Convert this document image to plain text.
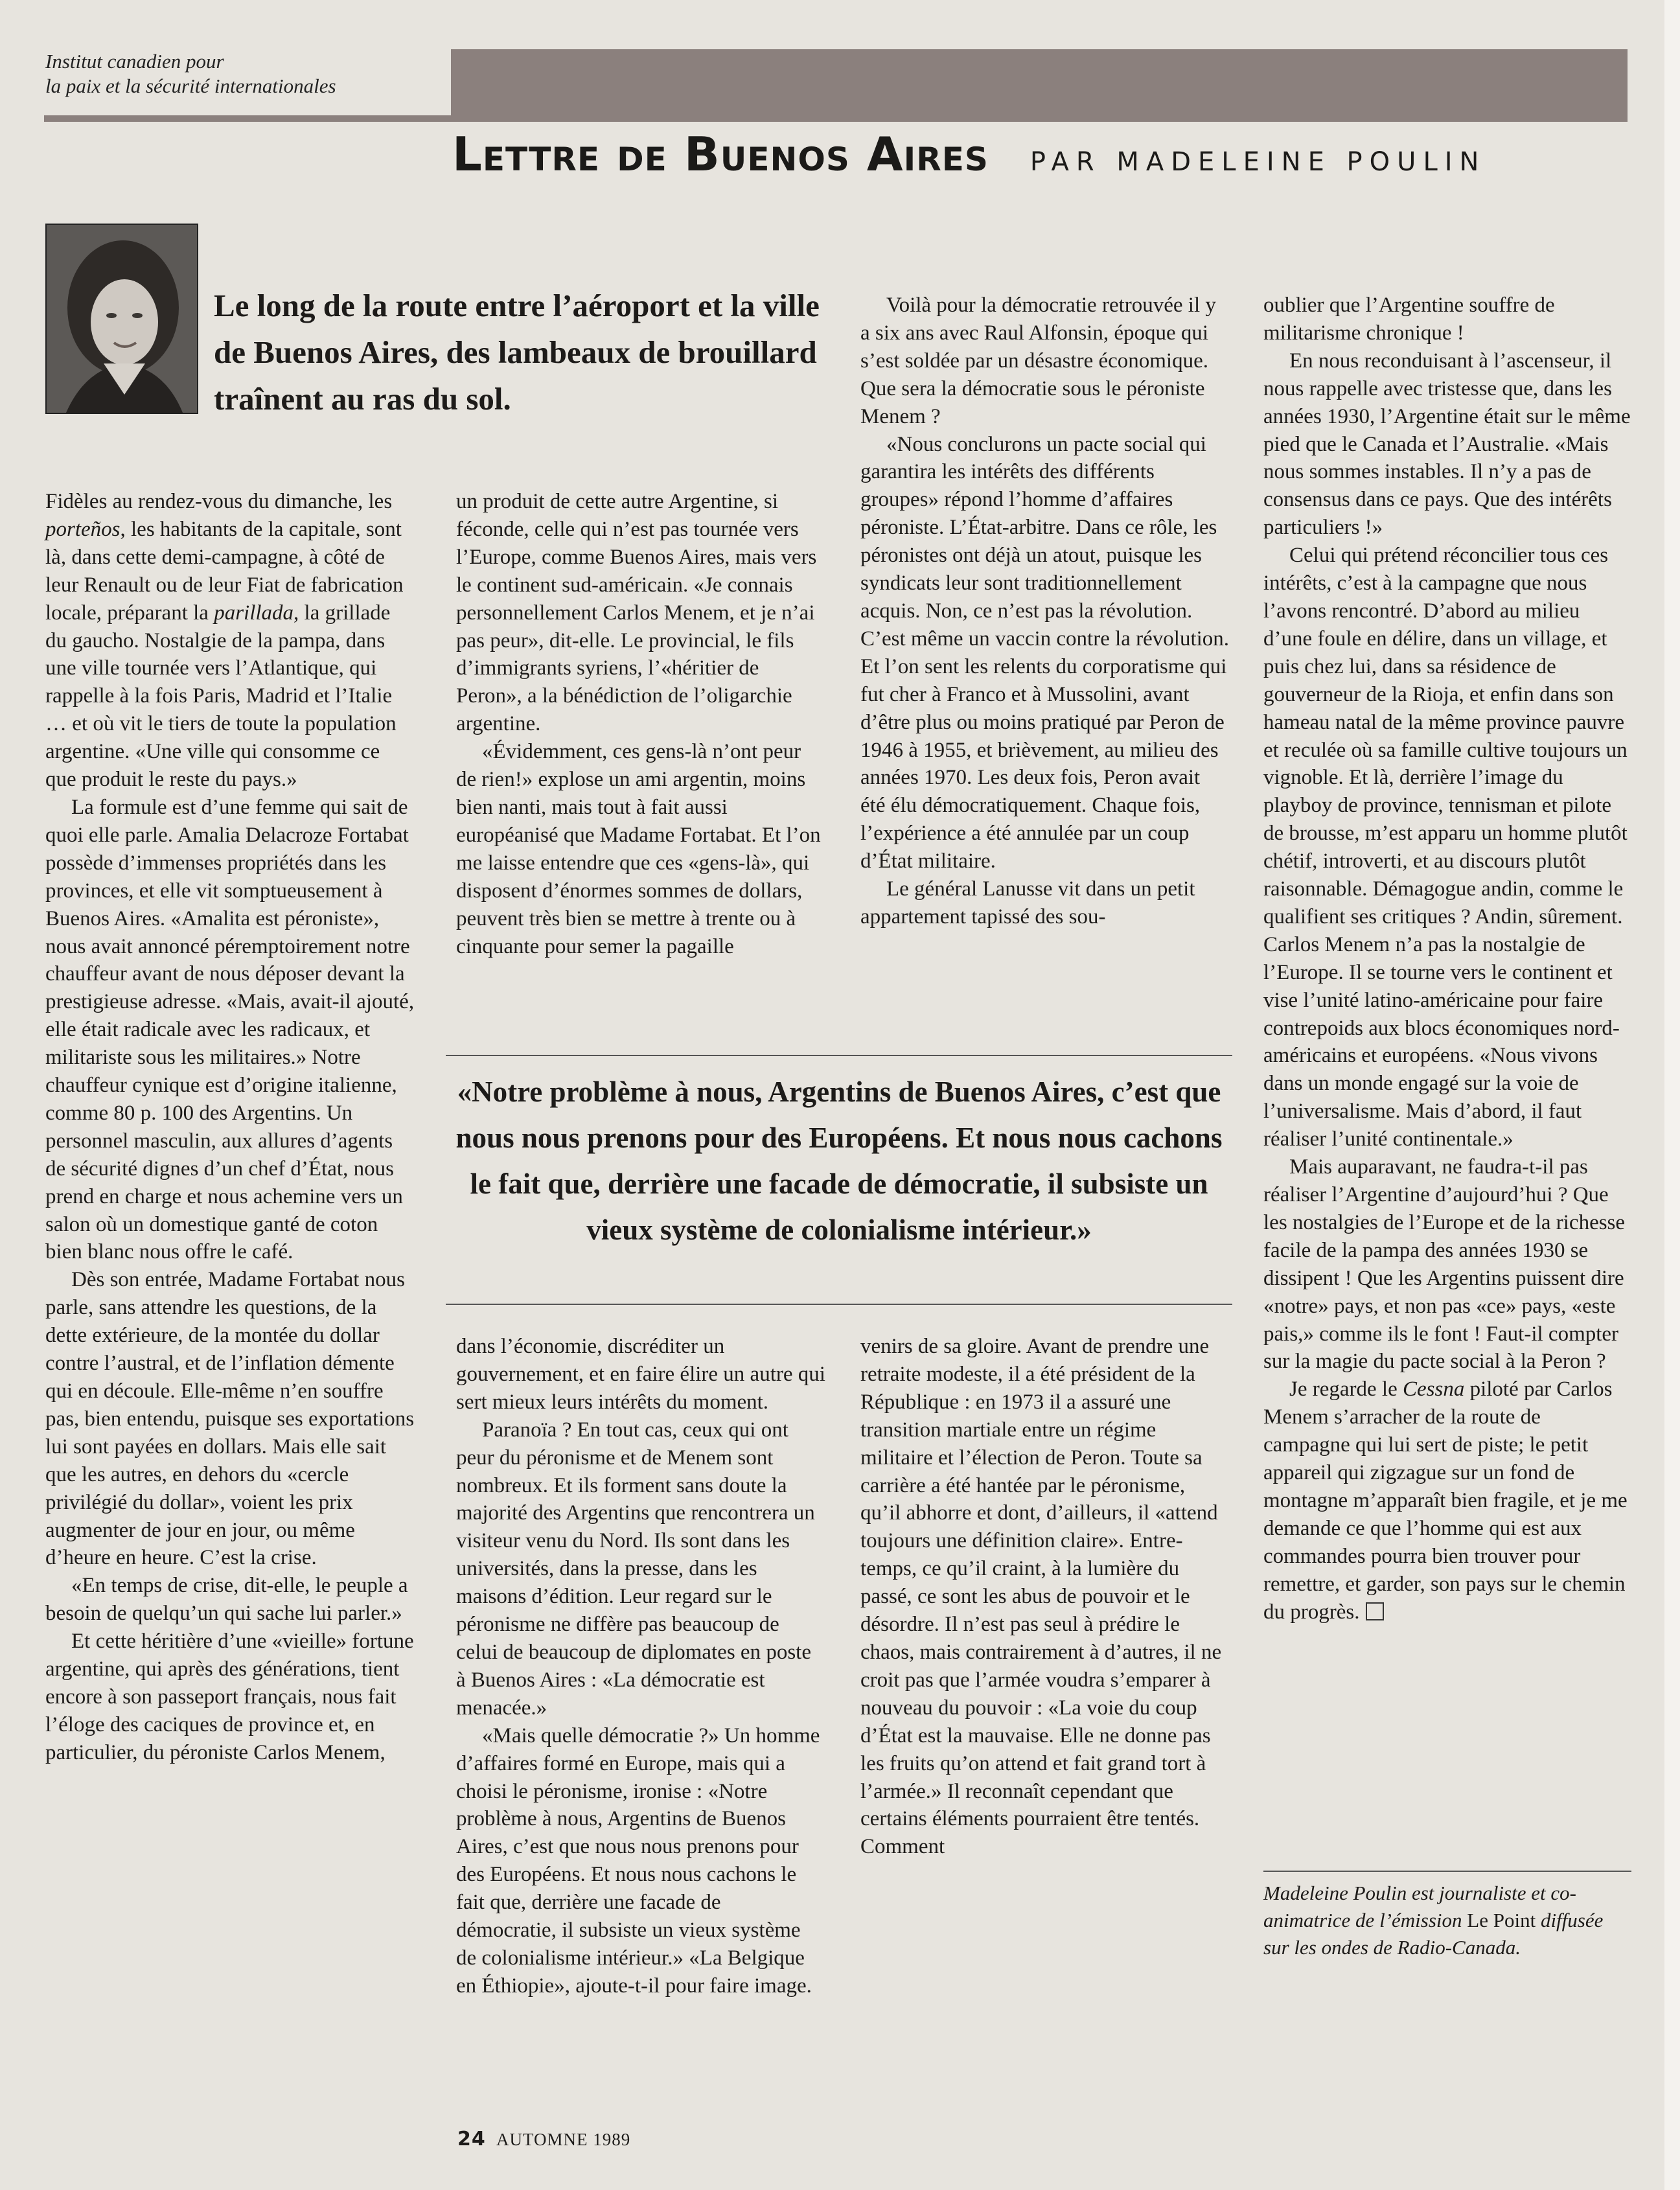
Institut canadien pour
la paix et la sécurité internationales
Lettre de Buenos Aires PAR MADELEINE POULIN
Le long de la route entre l’aéroport et la ville de Buenos Aires, des lambeaux de brouillard traînent au ras du sol.

Fidèles au rendez-vous du dimanche, les porteños, les habitants de la capitale, sont là, dans cette demi-campagne, à côté de leur Renault ou de leur Fiat de fabrication locale, préparant la parillada, la grillade du gaucho. Nostalgie de la pampa, dans une ville tournée vers l’Atlantique, qui rappelle à la fois Paris, Madrid et l’Italie … et où vit le tiers de toute la population argentine. «Une ville qui consomme ce que produit le reste du pays.»

La formule est d’une femme qui sait de quoi elle parle. Amalia Delacroze Fortabat possède d’immenses propriétés dans les provinces, et elle vit somptueusement à Buenos Aires. «Amalita est péroniste», nous avait annoncé péremptoirement notre chauffeur avant de nous déposer devant la prestigieuse adresse. «Mais, avait-il ajouté, elle était radicale avec les radicaux, et militariste sous les militaires.» Notre chauffeur cynique est d’origine italienne, comme 80 p. 100 des Argentins. Un personnel masculin, aux allures d’agents de sécurité dignes d’un chef d’État, nous prend en charge et nous achemine vers un salon où un domestique ganté de coton bien blanc nous offre le café.

Dès son entrée, Madame Fortabat nous parle, sans attendre les questions, de la dette extérieure, de la montée du dollar contre l’austral, et de l’inflation démente qui en découle. Elle-même n’en souffre pas, bien entendu, puisque ses exportations lui sont payées en dollars. Mais elle sait que les autres, en dehors du «cercle privilégié du dollar», voient les prix augmenter de jour en jour, ou même d’heure en heure. C’est la crise.

«En temps de crise, dit-elle, le peuple a besoin de quelqu’un qui sache lui parler.»

Et cette héritière d’une «vieille» fortune argentine, qui après des générations, tient encore à son passeport français, nous fait l’éloge des caciques de province et, en particulier, du péroniste Carlos Menem,

un produit de cette autre Argentine, si féconde, celle qui n’est pas tournée vers l’Europe, comme Buenos Aires, mais vers le continent sud-américain. «Je connais personnellement Carlos Menem, et je n’ai pas peur», dit-elle. Le provincial, le fils d’immigrants syriens, l’«héritier de Peron», a la bénédiction de l’oligarchie argentine.

«Évidemment, ces gens-là n’ont peur de rien!» explose un ami argentin, moins bien nanti, mais tout à fait aussi européanisé que Madame Fortabat. Et l’on me laisse entendre que ces «gens-là», qui disposent d’énormes sommes de dollars, peuvent très bien se mettre à trente ou à cinquante pour semer la pagaille

Voilà pour la démocratie retrouvée il y a six ans avec Raul Alfonsin, époque qui s’est soldée par un désastre économique. Que sera la démocratie sous le péroniste Menem ?

«Nous conclurons un pacte social qui garantira les intérêts des différents groupes» répond l’homme d’affaires péroniste. L’État-arbitre. Dans ce rôle, les péronistes ont déjà un atout, puisque les syndicats leur sont traditionnellement acquis. Non, ce n’est pas la révolution. C’est même un vaccin contre la révolution. Et l’on sent les relents du corporatisme qui fut cher à Franco et à Mussolini, avant d’être plus ou moins pratiqué par Peron de 1946 à 1955, et brièvement, au milieu des années 1970. Les deux fois, Peron avait été élu démocratiquement. Chaque fois, l’expérience a été annulée par un coup d’État militaire.

Le général Lanusse vit dans un petit appartement tapissé des sou-

«Notre problème à nous, Argentins de Buenos Aires, c’est que nous nous prenons pour des Européens. Et nous nous cachons le fait que, derrière une facade de démocratie, il subsiste un vieux système de colonialisme intérieur.»

dans l’économie, discréditer un gouvernement, et en faire élire un autre qui sert mieux leurs intérêts du moment.

Paranoïa ? En tout cas, ceux qui ont peur du péronisme et de Menem sont nombreux. Et ils forment sans doute la majorité des Argentins que rencontrera un visiteur venu du Nord. Ils sont dans les universités, dans la presse, dans les maisons d’édition. Leur regard sur le péronisme ne diffère pas beaucoup de celui de beaucoup de diplomates en poste à Buenos Aires : «La démocratie est menacée.»

«Mais quelle démocratie ?» Un homme d’affaires formé en Europe, mais qui a choisi le péronisme, ironise : «Notre problème à nous, Argentins de Buenos Aires, c’est que nous nous prenons pour des Européens. Et nous nous cachons le fait que, derrière une facade de démocratie, il subsiste un vieux système de colonialisme intérieur.» «La Belgique en Éthiopie», ajoute-t-il pour faire image.

venirs de sa gloire. Avant de prendre une retraite modeste, il a été président de la République : en 1973 il a assuré une transition martiale entre un régime militaire et l’élection de Peron. Toute sa carrière a été hantée par le péronisme, qu’il abhorre et dont, d’ailleurs, il «attend toujours une définition claire». Entre-temps, ce qu’il craint, à la lumière du passé, ce sont les abus de pouvoir et le désordre. Il n’est pas seul à prédire le chaos, mais contrairement à d’autres, il ne croit pas que l’armée voudra s’emparer à nouveau du pouvoir : «La voie du coup d’État est la mauvaise. Elle ne donne pas les fruits qu’on attend et fait grand tort à l’armée.» Il reconnaît cependant que certains éléments pourraient être tentés. Comment

oublier que l’Argentine souffre de militarisme chronique !

En nous reconduisant à l’ascenseur, il nous rappelle avec tristesse que, dans les années 1930, l’Argentine était sur le même pied que le Canada et l’Australie. «Mais nous sommes instables. Il n’y a pas de consensus dans ce pays. Que des intérêts particuliers !»

Celui qui prétend réconcilier tous ces intérêts, c’est à la campagne que nous l’avons rencontré. D’abord au milieu d’une foule en délire, dans un village, et puis chez lui, dans sa résidence de gouverneur de la Rioja, et enfin dans son hameau natal de la même province pauvre et reculée où sa famille cultive toujours un vignoble. Et là, derrière l’image du playboy de province, tennisman et pilote de brousse, m’est apparu un homme plutôt chétif, introverti, et au discours plutôt raisonnable. Démagogue andin, comme le qualifient ses critiques ? Andin, sûrement. Carlos Menem n’a pas la nostalgie de l’Europe. Il se tourne vers le continent et vise l’unité latino-américaine pour faire contrepoids aux blocs économiques nord-américains et européens. «Nous vivons dans un monde engagé sur la voie de l’universalisme. Mais d’abord, il faut réaliser l’unité continentale.»

Mais auparavant, ne faudra-t-il pas réaliser l’Argentine d’aujourd’hui ? Que les nostalgies de l’Europe et de la richesse facile de la pampa des années 1930 se dissipent ! Que les Argentins puissent dire «notre» pays, et non pas «ce» pays, «este pais,» comme ils le font ! Faut-il compter sur la magie du pacte social à la Peron ?

Je regarde le Cessna piloté par Carlos Menem s’arracher de la route de campagne qui lui sert de piste; le petit appareil qui zigzague sur un fond de montagne m’apparaît bien fragile, et je me demande ce que l’homme qui est aux commandes pourra bien trouver pour remettre, et garder, son pays sur le chemin du progrès.

Madeleine Poulin est journaliste et co-animatrice de l’émission Le Point diffusée sur les ondes de Radio-Canada.
24 AUTOMNE 1989
